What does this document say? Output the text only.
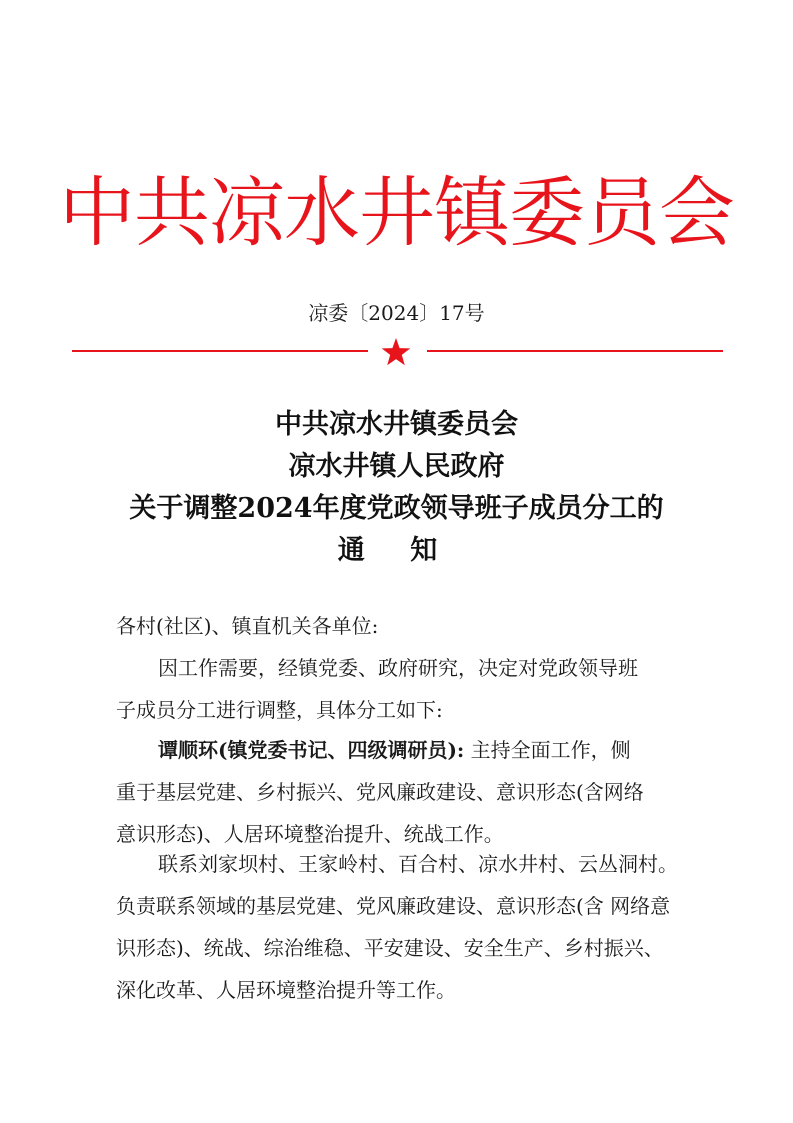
中共凉水井镇委员会
凉委〔2024〕17号
中共凉水井镇委员会
凉水井镇人民政府
关于调整2024年度党政领导班子成员分工的
通 知

各村(社区)、镇直机关各单位:

因工作需要，经镇党委、政府研究，决定对党政领导班

子成员分工进行调整，具体分工如下:

谭顺环(镇党委书记、四级调研员): 主持全面工作，侧

重于基层党建、乡村振兴、党风廉政建设、意识形态(含网络

意识形态)、人居环境整治提升、统战工作。

联系刘家坝村、王家岭村、百合村、凉水井村、云丛洞村。

负责联系领域的基层党建、党风廉政建设、意识形态(含 网络意

识形态)、统战、综治维稳、平安建设、安全生产、乡村振兴、

深化改革、人居环境整治提升等工作。
